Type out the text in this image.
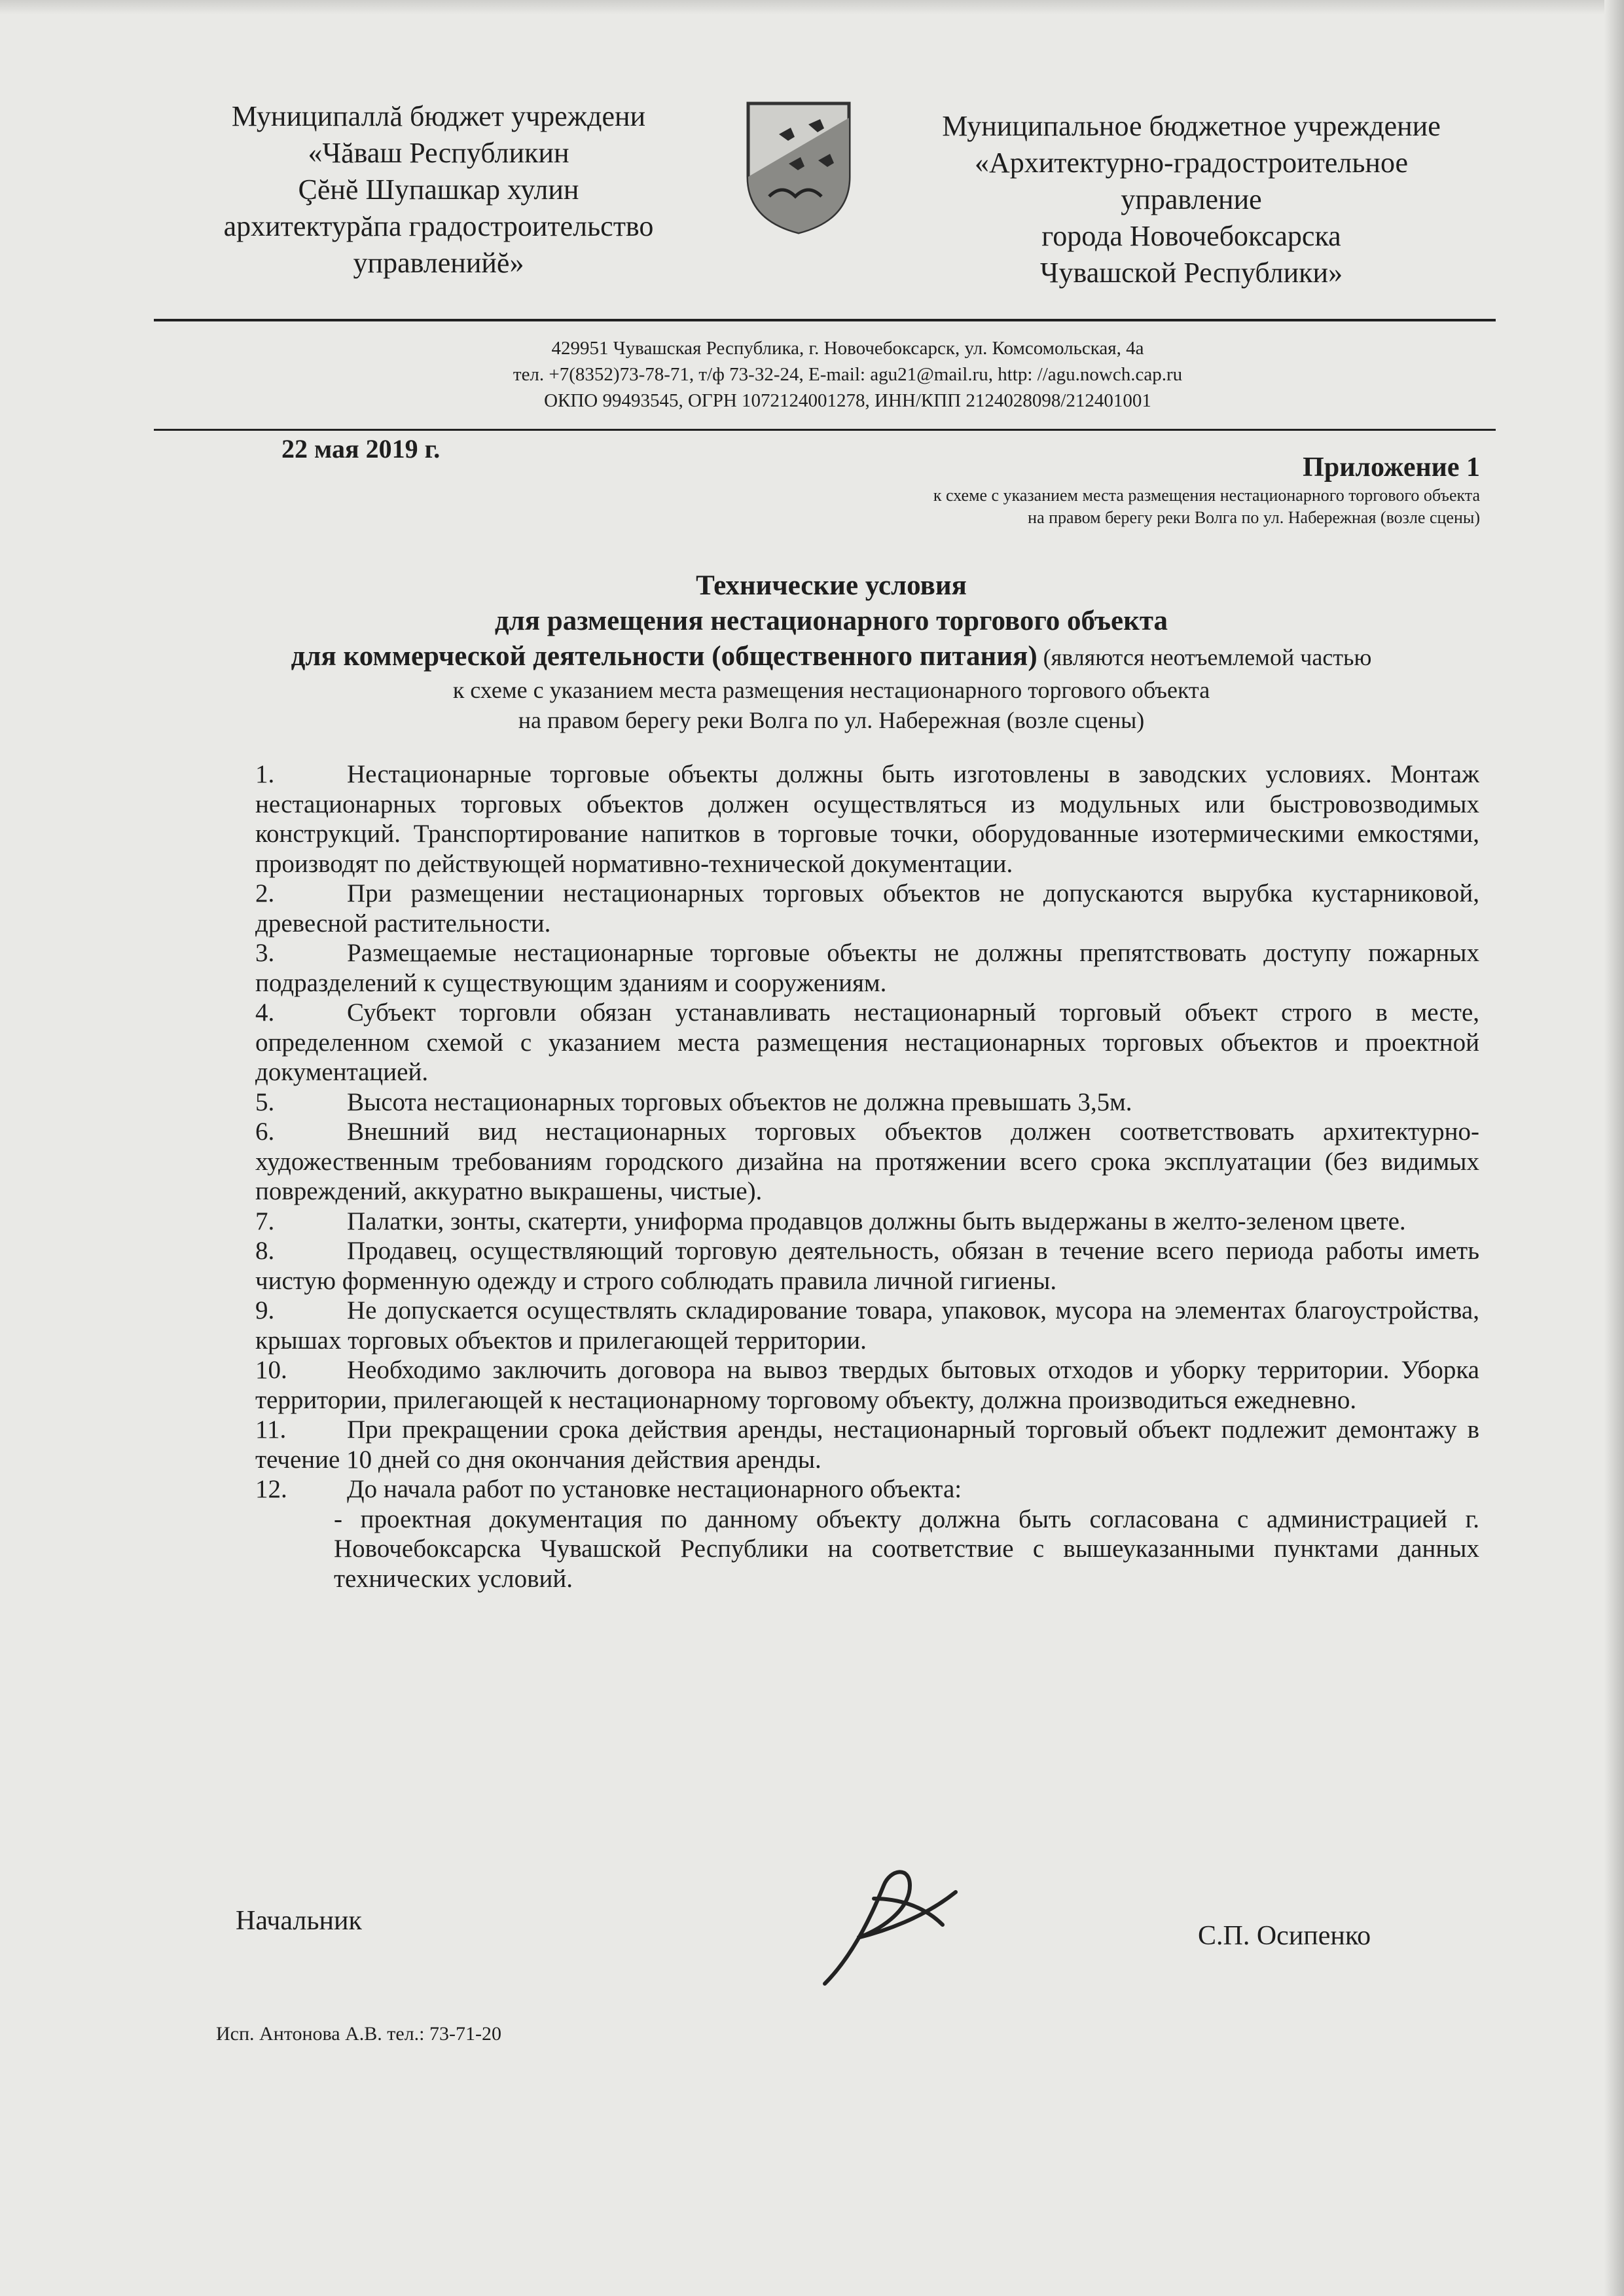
Муниципаллă бюджет учреждени
«Чăваш Республикин
Çĕнĕ Шупашкар хулин
архитектурăпа градостроительство
управленийĕ»
Муниципальное бюджетное учреждение
«Архитектурно-градостроительное
управление
города Новочебоксарска
Чувашской Республики»
429951 Чувашская Республика, г. Новочебоксарск, ул. Комсомольская, 4а
тел. +7(8352)73-78-71, т/ф 73-32-24, E-mail: agu21@mail.ru, http: //agu.nowch.cap.ru
ОКПО 99493545, ОГРН 1072124001278, ИНН/КПП 2124028098/212401001
22 мая 2019 г.
Приложение 1
к схеме с указанием места размещения нестационарного торгового объекта
на правом берегу реки Волга по ул. Набережная (возле сцены)
Технические условия
для размещения нестационарного торгового объекта
для коммерческой деятельности (общественного питания) (являются неотъемлемой частью
к схеме с указанием места размещения нестационарного торгового объекта
на правом берегу реки Волга по ул. Набережная (возле сцены)

1.	Нестационарные торговые объекты должны быть изготовлены в заводских условиях. Монтаж нестационарных торговых объектов должен осуществляться из модульных или быстровозводимых конструкций. Транспортирование напитков в торговые точки, оборудованные изотермическими емкостями, производят по действующей нормативно-технической документации.

2.	При размещении нестационарных торговых объектов не допускаются вырубка кустарниковой, древесной растительности.

3.	Размещаемые нестационарные торговые объекты не должны препятствовать доступу пожарных подразделений к существующим зданиям и сооружениям.

4.	Субъект торговли обязан устанавливать нестационарный торговый объект строго в месте, определенном схемой с указанием места размещения нестационарных торговых объектов и проектной документацией.

5.	Высота нестационарных торговых объектов не должна превышать 3,5м.

6.	Внешний вид нестационарных торговых объектов должен соответствовать архитектурно-художественным требованиям городского дизайна на протяжении всего срока эксплуатации (без видимых повреждений, аккуратно выкрашены, чистые).

7.	Палатки, зонты, скатерти, униформа продавцов должны быть выдержаны в желто-зеленом цвете.

8.	Продавец, осуществляющий торговую деятельность, обязан в течение всего периода работы иметь чистую форменную одежду и строго соблюдать правила личной гигиены.

9.	Не допускается осуществлять складирование товара, упаковок, мусора на элементах благоустройства, крышах торговых объектов и прилегающей территории.

10. Необходимо заключить договора на вывоз твердых бытовых отходов и уборку территории. Уборка территории, прилегающей к нестационарному торговому объекту, должна производиться ежедневно.

11. При прекращении срока действия аренды, нестационарный торговый объект подлежит демонтажу в течение 10 дней со дня окончания действия аренды.

12. До начала работ по установке нестационарного объекта:

- проектная документация по данному объекту должна быть согласована с администрацией г. Новочебоксарска Чувашской Республики на соответствие с вышеуказанными пунктами данных технических условий.

Начальник	С.П. Осипенко
Исп. Антонова А.В. тел.: 73-71-20
